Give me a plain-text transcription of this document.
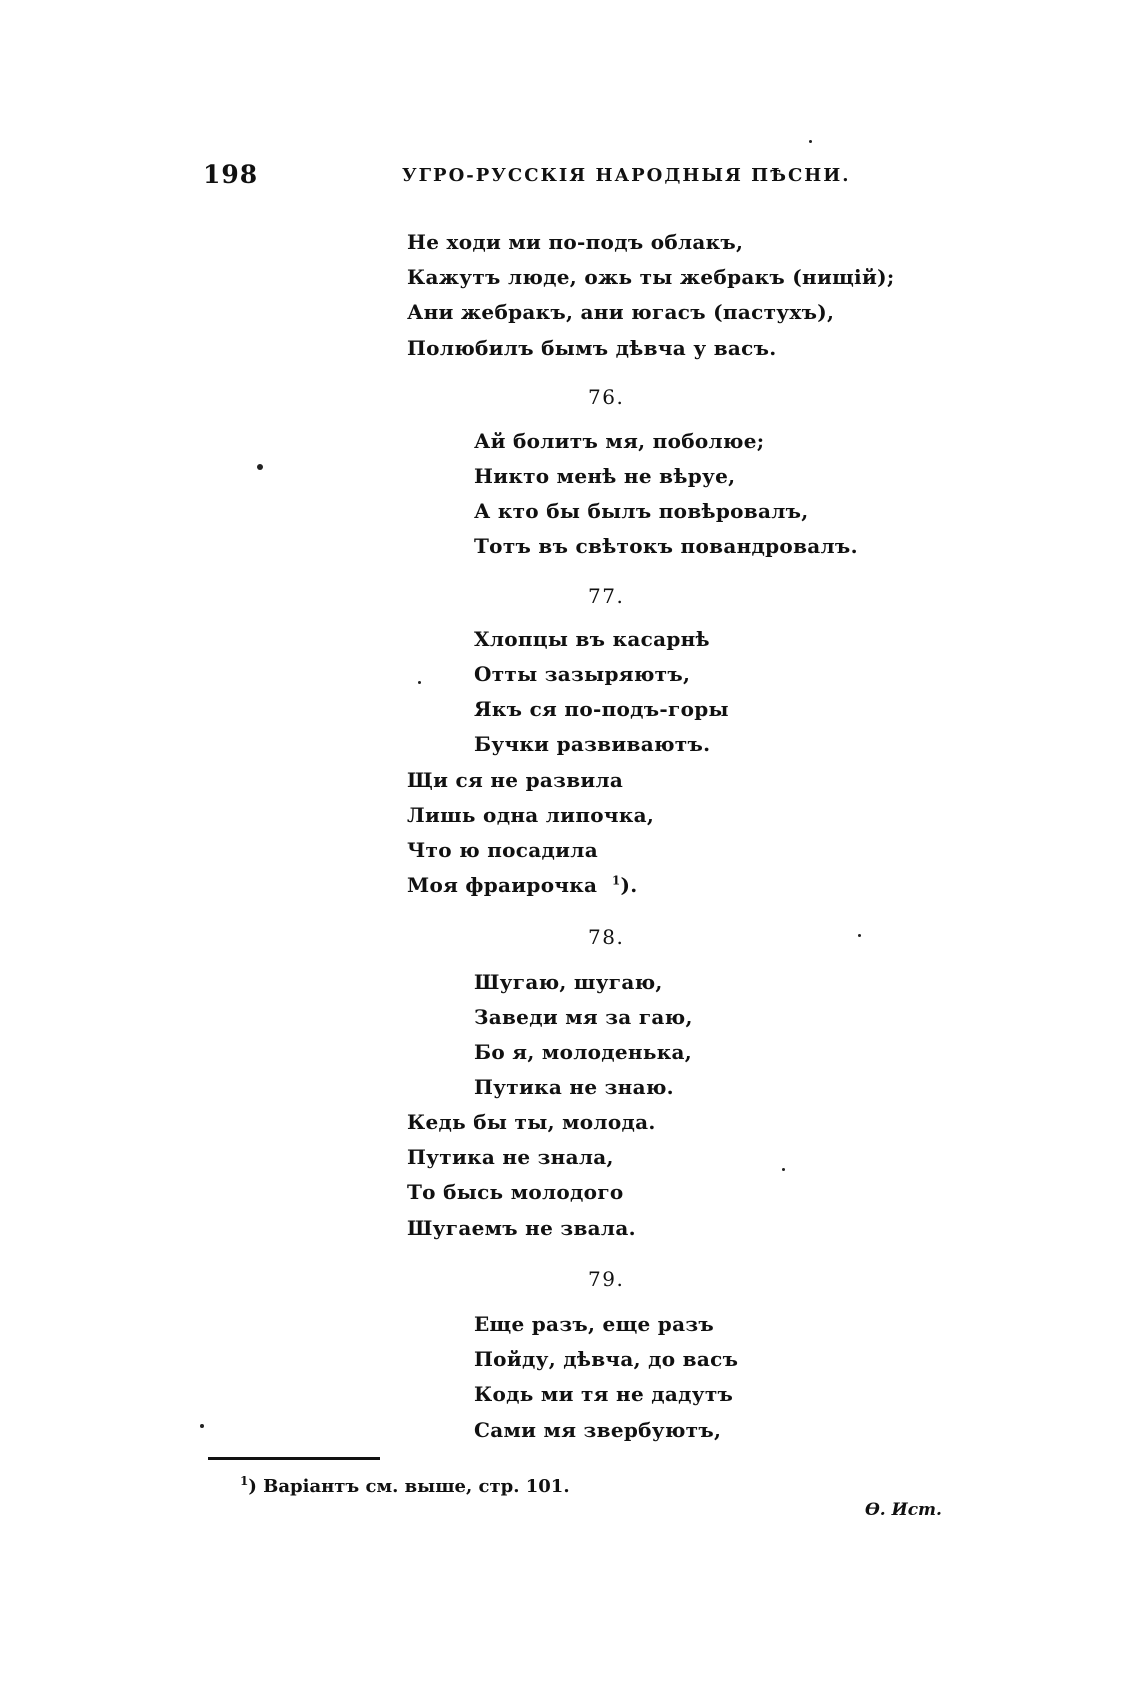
198	УГРО-РУССКІЯ НАРОДНЫЯ ПѢСНИ.
Не ходи ми по-подъ облакъ,
Кажутъ люде, ожь ты жебракъ (нищій);
Ани жебракъ, ани югасъ (пастухъ),
Полюбилъ бымъ дѣвча у васъ.
76.
Ай болитъ мя, поболюе;
Никто менѣ не вѣруе,
А кто бы былъ повѣровалъ,
Тотъ въ свѣтокъ повандровалъ.
77.
Хлопцы въ касарнѣ
Отты зазыряютъ,
Якъ ся по-подъ-горы
Бучки развиваютъ.
Щи ся не развила
Лишь одна липочка,
Что ю посадила
Моя фраирочка $^1$).
78.
Шугаю, шугаю,
Заведи мя за гаю,
Бо я, молоденька,
Путика не знаю.
Кедь бы ты, молода.
Путика не знала,
То бысь молодого
Шугаемъ не звала.
79.
Еще разъ, еще разъ
Пойду, дѣвча, до васъ
Кодь ми тя не дадутъ
Сами мя звербуютъ,
$^1$) Варіантъ см. выше, стр. 101.
Ѳ. Ист.
